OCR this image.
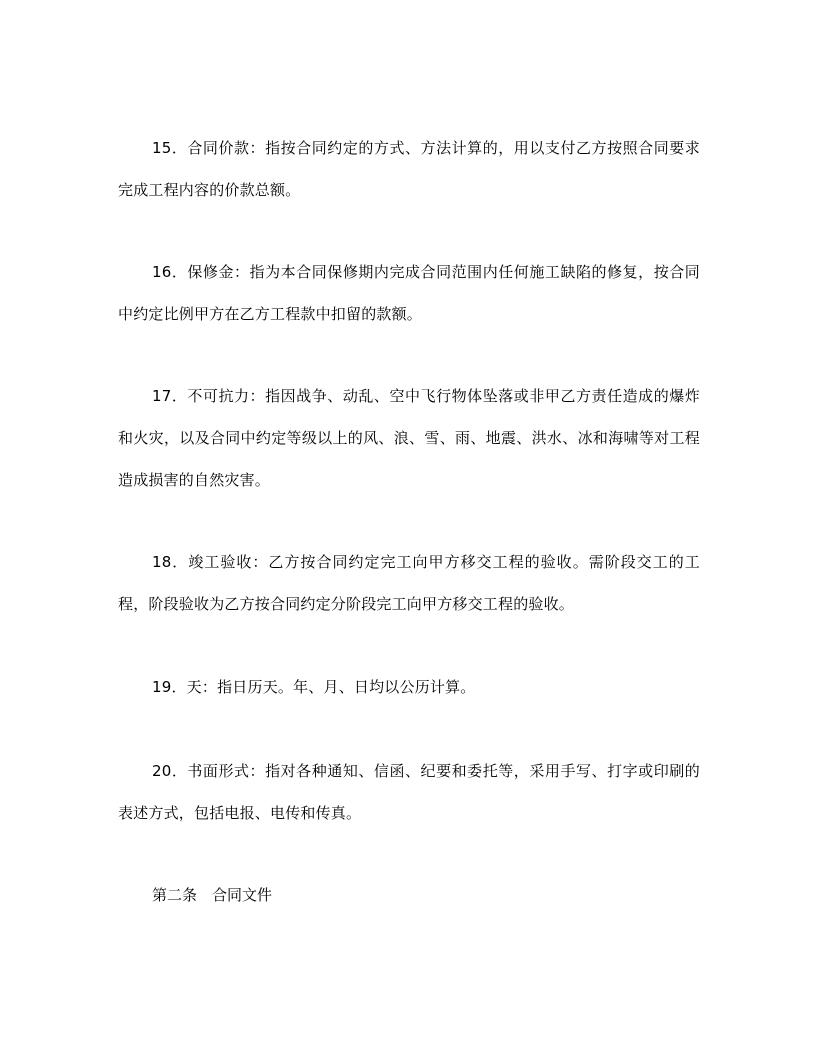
15．合同价款：指按合同约定的方式、方法计算的，用以支付乙方按照合同要求完成工程内容的价款总额。

16．保修金：指为本合同保修期内完成合同范围内任何施工缺陷的修复，按合同中约定比例甲方在乙方工程款中扣留的款额。

17．不可抗力：指因战争、动乱、空中飞行物体坠落或非甲乙方责任造成的爆炸和火灾，以及合同中约定等级以上的风、浪、雪、雨、地震、洪水、冰和海啸等对工程造成损害的自然灾害。

18．竣工验收：乙方按合同约定完工向甲方移交工程的验收。需阶段交工的工程，阶段验收为乙方按合同约定分阶段完工向甲方移交工程的验收。

19．天：指日历天。年、月、日均以公历计算。

20．书面形式：指对各种通知、信函、纪要和委托等，采用手写、打字或印刷的表述方式，包括电报、电传和传真。

第二条　合同文件
